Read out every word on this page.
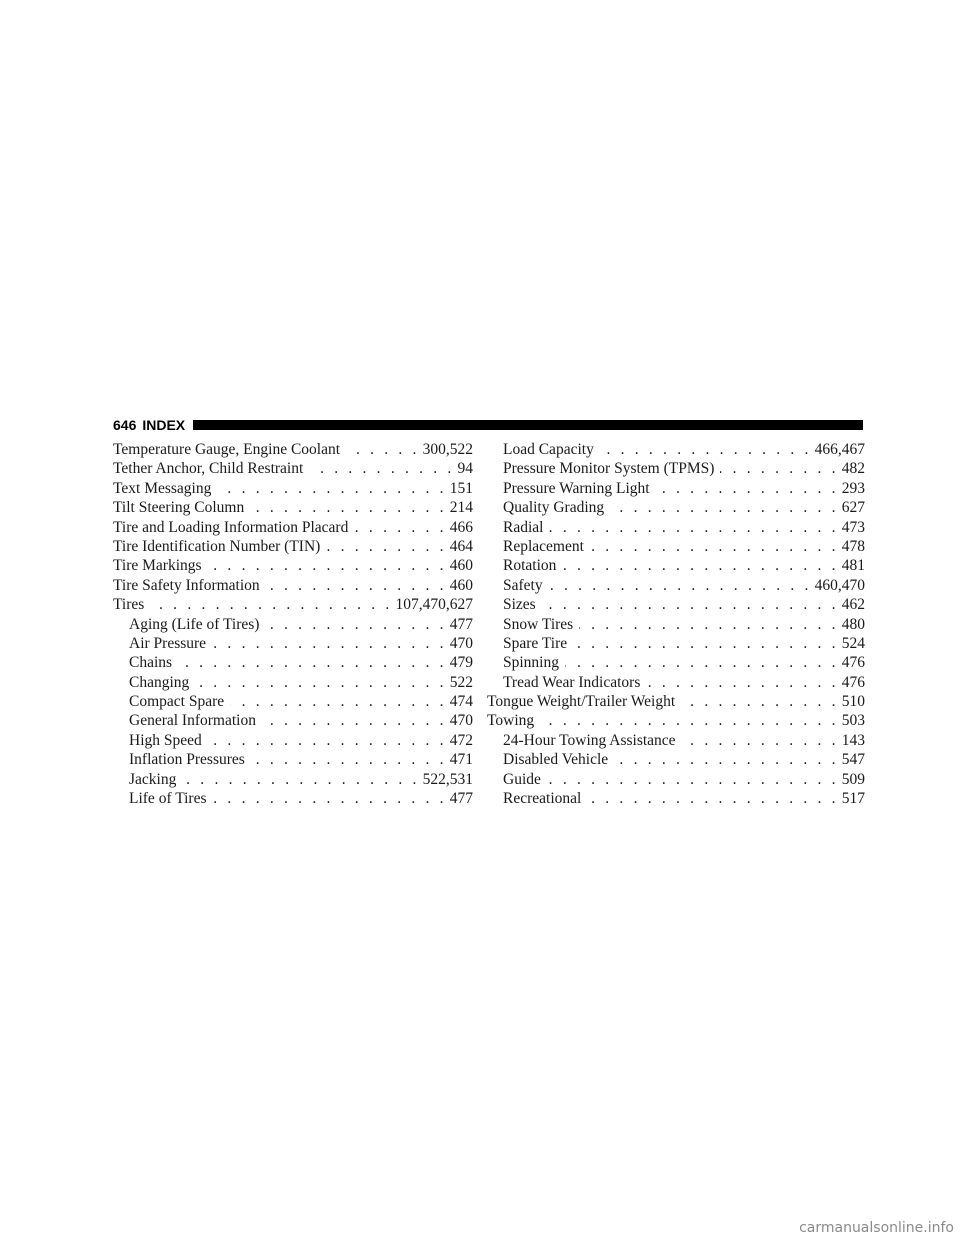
646 INDEX
Temperature Gauge, Engine Coolant . . .	300,522
Tether Anchor, Child Restraint . . .	94
Text Messaging . . .	151
Tilt Steering Column . . .	214
Tire and Loading Information Placard . . .	466
Tire Identification Number (TIN) . . .	464
Tire Markings . . .	460
Tire Safety Information . . .	460
Tires . . .	107,470,627
Aging (Life of Tires) . . .	477
Air Pressure . . .	470
Chains . . .	479
Changing . . .	522
Compact Spare . . .	474
General Information . . .	470
High Speed . . .	472
Inflation Pressures . . .	471
Jacking . . .	522,531
Life of Tires . . .	477
Load Capacity . . .	466,467
Pressure Monitor System (TPMS) . . .	482
Pressure Warning Light . . .	293
Quality Grading . . .	627
Radial . . .	473
Replacement . . .	478
Rotation . . .	481
Safety . . .	460,470
Sizes . . .	462
Snow Tires . . .	480
Spare Tire . . .	524
Spinning . . .	476
Tread Wear Indicators . . .	476
Tongue Weight/Trailer Weight . . .	510
Towing . . .	503
24-Hour Towing Assistance . . .	143
Disabled Vehicle . . .	547
Guide . . .	509
Recreational . . .	517
carmanualsonline.info
